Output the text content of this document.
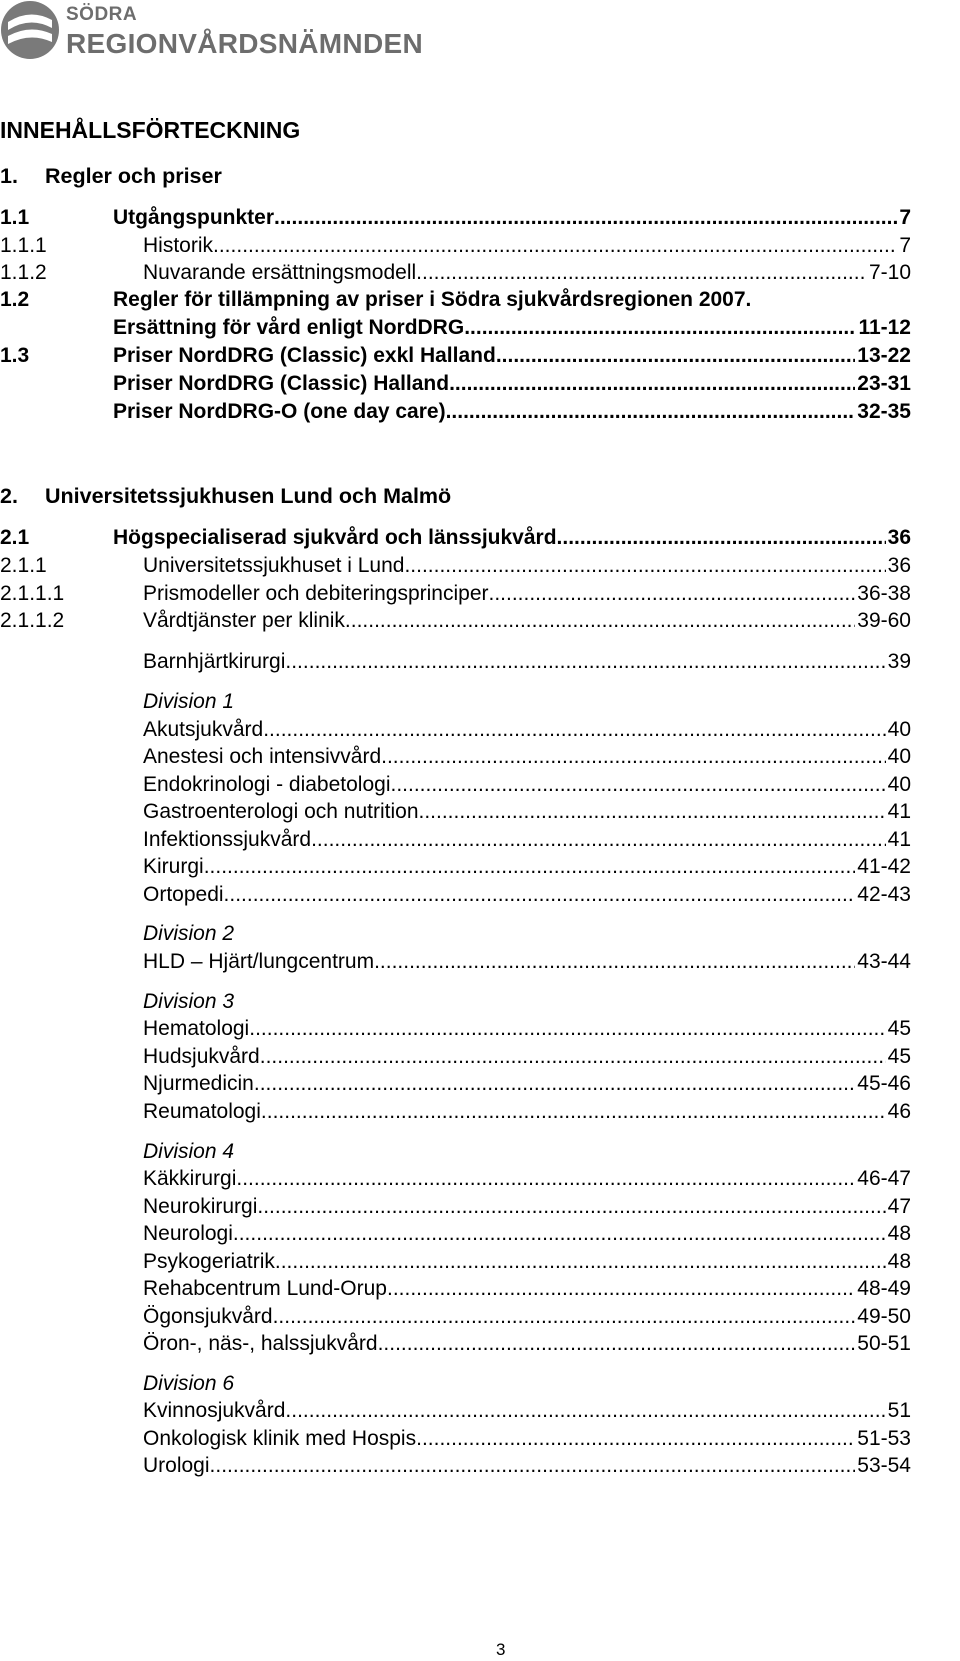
SÖDRA
REGIONVÅRDSNÄMNDEN
INNEHÅLLSFÖRTECKNING
1. Regler och priser
1.1	Utgångspunkter .....	7
1.1.1	Historik .....	7
1.1.2	Nuvarande ersättningsmodell .....	7-10
1.2	Regler för tillämpning av priser i Södra sjukvårdsregionen 2007.
Ersättning för vård enligt NordDRG .....	11-12
1.3	Priser NordDRG (Classic) exkl Halland .....	13-22
Priser NordDRG (Classic) Halland .....	23-31
Priser NordDRG-O (one day care) .....	32-35
2. Universitetssjukhusen Lund och Malmö
2.1	Högspecialiserad sjukvård och länssjukvård .....	36
2.1.1	Universitetssjukhuset i Lund .....	36
2.1.1.1	Prismodeller och debiteringsprinciper .....	36-38
2.1.1.2	Vårdtjänster per klinik .....	39-60
Barnhjärtkirurgi .....	39
Division 1
Akutsjukvård .....	40
Anestesi och intensivvård .....	40
Endokrinologi - diabetologi .....	40
Gastroenterologi och nutrition .....	41
Infektionssjukvård .....	41
Kirurgi .....	41-42
Ortopedi .....	42-43
Division 2
HLD – Hjärt/lungcentrum .....	43-44
Division 3
Hematologi .....	45
Hudsjukvård .....	45
Njurmedicin .....	45-46
Reumatologi .....	46
Division 4
Käkkirurgi .....	46-47
Neurokirurgi .....	47
Neurologi .....	48
Psykogeriatrik .....	48
Rehabcentrum Lund-Orup .....	48-49
Ögonsjukvård .....	49-50
Öron-, näs-, halssjukvård .....	50-51
Division 6
Kvinnosjukvård .....	51
Onkologisk klinik med Hospis .....	51-53
Urologi .....	53-54
3
